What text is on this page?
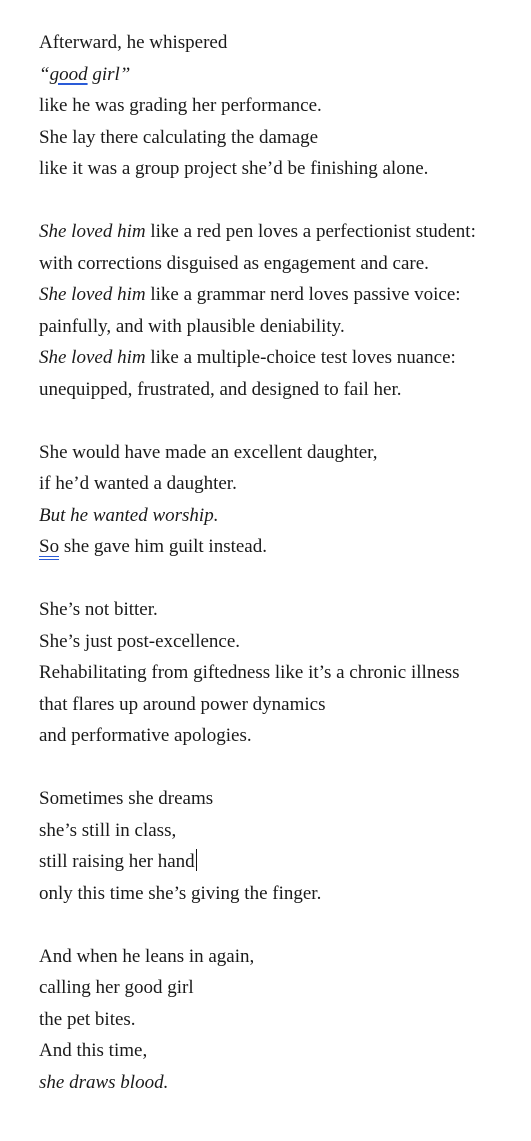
Afterward, he whispered
“good girl”
like he was grading her performance.
She lay there calculating the damage
like it was a group project she’d be finishing alone.
She loved him like a red pen loves a perfectionist student:
with corrections disguised as engagement and care.
She loved him like a grammar nerd loves passive voice:
painfully, and with plausible deniability.
She loved him like a multiple-choice test loves nuance:
unequipped, frustrated, and designed to fail her.
She would have made an excellent daughter,
if he’d wanted a daughter.
But he wanted worship.
So she gave him guilt instead.
She’s not bitter.
She’s just post-excellence.
Rehabilitating from giftedness like it’s a chronic illness
that flares up around power dynamics
and performative apologies.
Sometimes she dreams
she’s still in class,
still raising her hand
only this time she’s giving the finger.
And when he leans in again,
calling her good girl
the pet bites.
And this time,
she draws blood.
